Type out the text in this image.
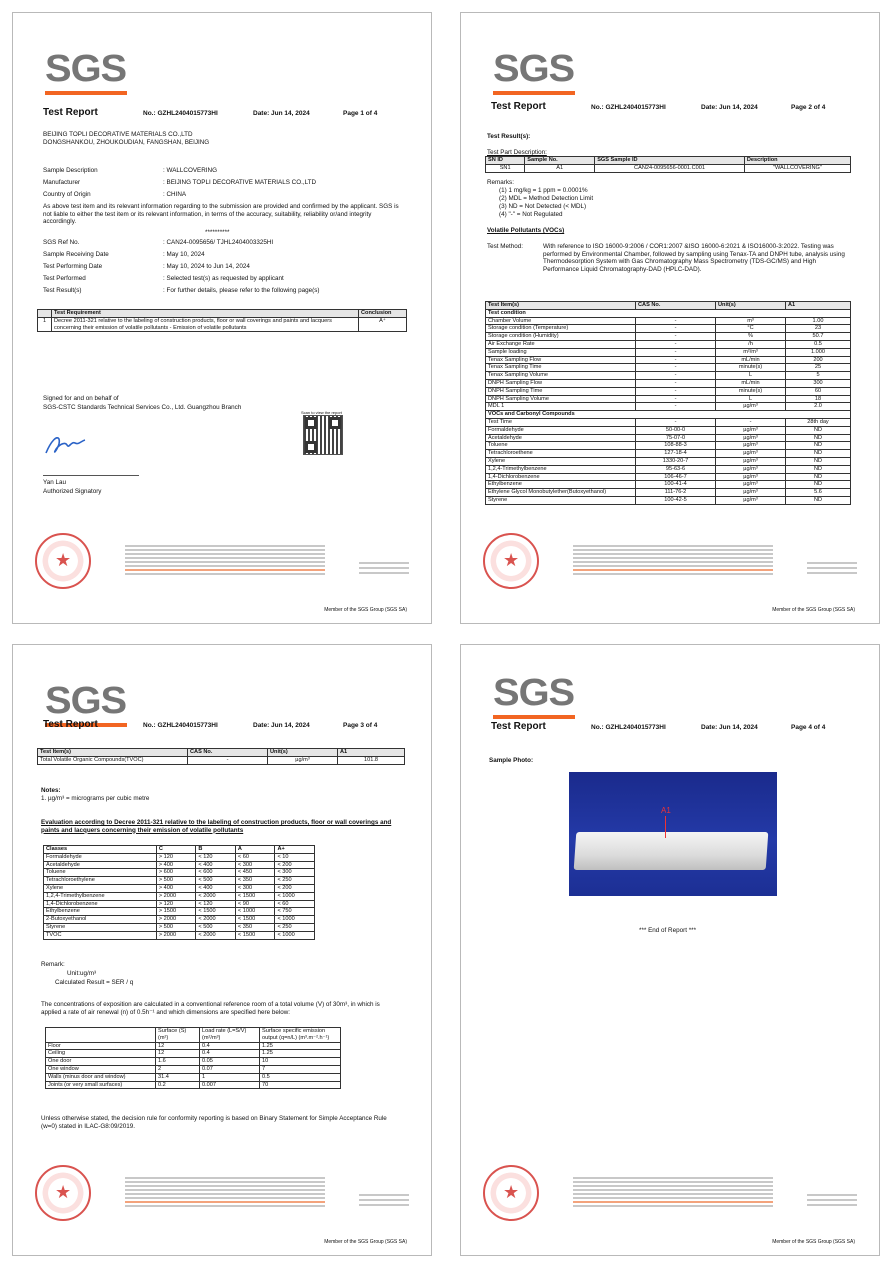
SGS
Test Report	No.: GZHL2404015773HI	Date: Jun 14, 2024	Page 1 of 4
BEIJING TOPLI DECORATIVE MATERIALS CO.,LTD
DONGSHANKOU, ZHOUKOUDIAN, FANGSHAN, BEIJING
Sample Description	: WALLCOVERING
Manufacturer	: BEIJING TOPLI DECORATIVE MATERIALS CO.,LTD
Country of Origin	: CHINA
As above test item and its relevant information regarding to the submission are provided and confirmed by the applicant. SGS is not liable to either the test item or its relevant information, in terms of the accuracy, suitability, reliability or/and integrity accordingly.
**********
SGS Ref No.	: CAN24-0095656/ TJHL2404003325HI
Sample Receiving Date	: May 10, 2024
Test Performing Date	: May 10, 2024 to Jun 14, 2024
Test Performed	: Selected test(s) as requested by applicant
Test Result(s)	: For further details, please refer to the following page(s)
	Test Requirement	Conclusion
1	Decree 2011-321 relative to the labeling of construction products, floor or wall coverings and paints and lacquers concerning their emission of volatile pollutants - Emission of volatile pollutants	A⁺
Signed for and on behalf of
SGS-CSTC Standards Technical Services Co., Ltd. Guangzhou Branch
Scan to view the report
Yan Lau
Authorized Signatory
★
Member of the SGS Group (SGS SA)
SGS
Test Report	No.: GZHL2404015773HI	Date: Jun 14, 2024	Page 2 of 4
Test Result(s):
Test Part Description:
SN ID	Sample No.	SGS Sample ID	Description
SN1	A1	CAN24-0095656-0001.C001	"WALLCOVERING"
Remarks:
(1) 1 mg/kg = 1 ppm = 0.0001%
(2) MDL = Method Detection Limit
(3) ND = Not Detected (< MDL)
(4) "-" = Not Regulated
Volatile Pollutants (VOCs)
Test Method:	With reference to ISO 16000-9:2006 / COR1:2007 &ISO 16000-6:2021 & ISO16000-3:2022. Testing was performed by Environmental Chamber, followed by sampling using Tenax-TA and DNPH tube, analysis using Thermodesorption System with Gas Chromatography Mass Spectrometry (TDS-GC/MS) and High Performance Liquid Chromatography-DAD (HPLC-DAD).
Test Item(s)	CAS No.	Unit(s)	A1
Test condition			
Chamber Volume	-	m³	1.00
Storage condition (Temperature)	-	°C	23
Storage condition (Humidity)	-	%	50.7
Air Exchange Rate	-	/h	0.5
Sample loading	-	m²/m³	1.000
Tenax Sampling Flow	-	mL/min	200
Tenax Sampling Time	-	minute(s)	25
Tenax Sampling Volume	-	L	5
DNPH Sampling Flow	-	mL/min	300
DNPH Sampling Time	-	minute(s)	60
DNPH Sampling Volume	-	L	18
MDL 1	-	µg/m³	2.0
VOCs and Carbonyl Compounds			
Test Time	-	-	28th day
Formaldehyde	50-00-0	µg/m³	ND
Acetaldehyde	75-07-0	µg/m³	ND
Toluene	108-88-3	µg/m³	ND
Tetrachloroethene	127-18-4	µg/m³	ND
Xylene	1330-20-7	µg/m³	ND
1,2,4-Trimethylbenzene	95-63-6	µg/m³	ND
1,4-Dichlorobenzene	106-46-7	µg/m³	ND
Ethylbenzene	100-41-4	µg/m³	ND
Ethylene Glycol Monobutylether(Butoxyethanol)	111-76-2	µg/m³	5.6
Styrene	100-42-5	µg/m³	ND
★
Member of the SGS Group (SGS SA)
SGS
Test Report	No.: GZHL2404015773HI	Date: Jun 14, 2024	Page 3 of 4
Test Item(s)	CAS No.	Unit(s)	A1
Total Volatile Organic Compounds(TVOC)	-	µg/m³	101.8
Notes:
1. µg/m³ = micrograms per cubic metre
Evaluation according to Decree 2011-321 relative to the labeling of construction products, floor or wall coverings and paints and lacquers concerning their emission of volatile pollutants
Classes	C	B	A	A+
Formaldehyde	> 120	< 120	< 60	< 10
Acetaldehyde	> 400	< 400	< 300	< 200
Toluene	> 600	< 600	< 450	< 300
Tetrachloroethylene	> 500	< 500	< 350	< 250
Xylene	> 400	< 400	< 300	< 200
1,2,4-Trimethylbenzene	> 2000	< 2000	< 1500	< 1000
1,4-Dichlorobenzene	> 120	< 120	< 90	< 60
Ethylbenzene	> 1500	< 1500	< 1000	< 750
2-Butoxyethanol	> 2000	< 2000	< 1500	< 1000
Styrene	> 500	< 500	< 350	< 250
TVOC	> 2000	< 2000	< 1500	< 1000
Remark:
Unit:ug/m³
Calculated Result = SER / q
The concentrations of exposition are calculated in a conventional reference room of a total volume (V) of 30m³, in which is applied a rate of air renewal (n) of 0.5h⁻¹ and which dimensions are specified here below:
	Surface (S) (m²)	Load rate (L=S/V) (m²/m³)	Surface specific emission output (q=n/L) (m³.m⁻².h⁻¹)
Floor	12	0.4	1.25
Ceiling	12	0.4	1.25
One door	1.6	0.05	10
One window	2	0.07	7
Walls (minus door and window)	31.4	1	0.5
Joints (or very small surfaces)	0.2	0.007	70
Unless otherwise stated, the decision rule for conformity reporting is based on Binary Statement for Simple Acceptance Rule (w=0) stated in ILAC-G8:09/2019.
★
Member of the SGS Group (SGS SA)
SGS
Test Report	No.: GZHL2404015773HI	Date: Jun 14, 2024	Page 4 of 4
Sample Photo:
A1
*** End of Report ***
★
Member of the SGS Group (SGS SA)
